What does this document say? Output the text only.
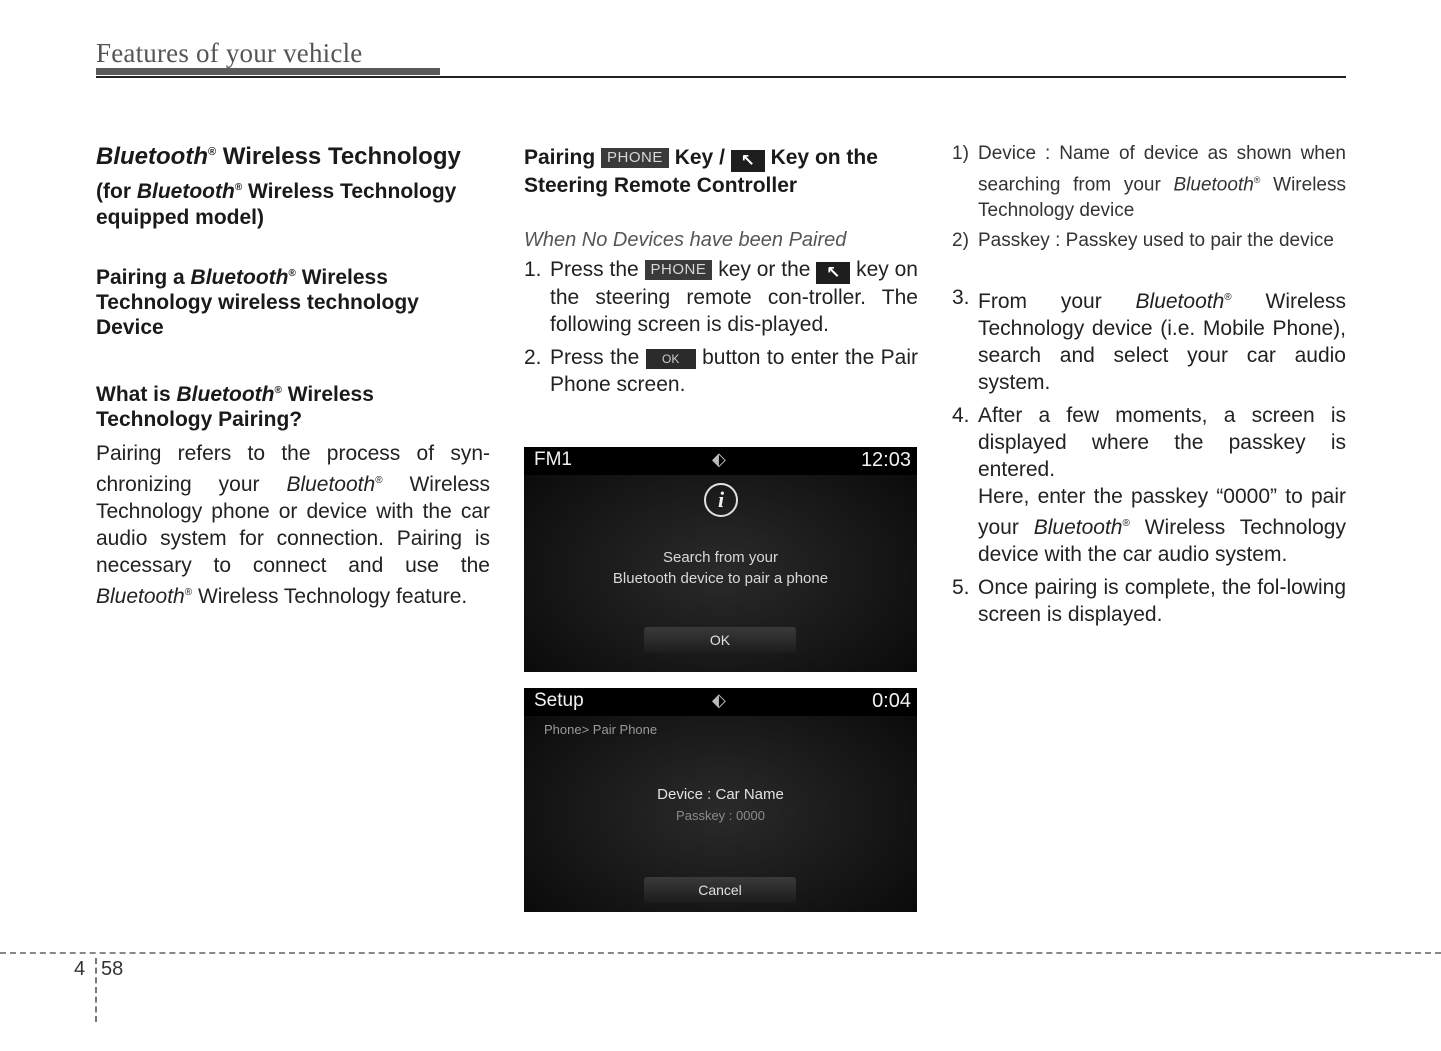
Features of your vehicle

Bluetooth® Wireless Technology

(for Bluetooth® Wireless Technology equipped model)

Pairing a Bluetooth® Wireless Technology wireless technology Device

What is Bluetooth® Wireless Technology Pairing?

Pairing refers to the process of syn-chronizing your Bluetooth® Wireless Technology phone or device with the car audio system for connection. Pairing is necessary to connect and use the Bluetooth® Wireless Technology feature.

Pairing PHONE Key / ↖ Key on the Steering Remote Controller

When No Devices have been Paired

1. Press the PHONE key or the ↖ key on the steering remote con-troller. The following screen is dis-played.
2. Press the OK button to enter the Pair Phone screen.
FM1	⬖	12:03
i
Search from your
Bluetooth device to pair a phone
OK
Setup	⬖	0:04
Phone> Pair Phone
Device : Car Name
Passkey : 0000
Cancel
1) Device : Name of device as shown when searching from your Bluetooth® Wireless Technology device
2) Passkey : Passkey used to pair the device
3. From your Bluetooth® Wireless Technology device (i.e. Mobile Phone), search and select your car audio system.
4. After a few moments, a screen is displayed where the passkey is entered.
Here, enter the passkey “0000” to pair your Bluetooth® Wireless Technology device with the car audio system.
5. Once pairing is complete, the fol-lowing screen is displayed.
4 58
